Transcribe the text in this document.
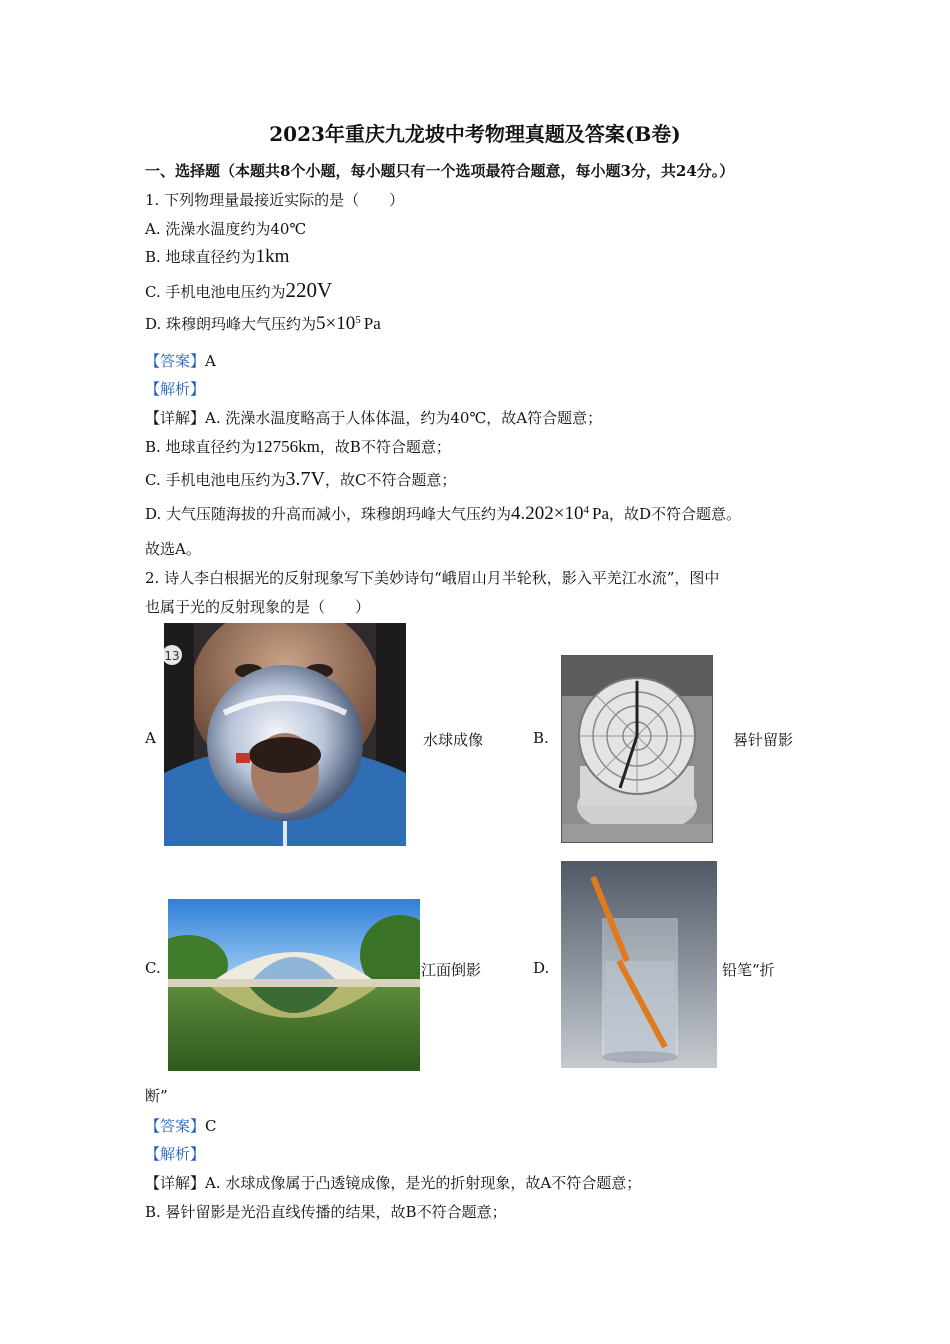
2023年重庆九龙坡中考物理真题及答案(B卷)
一、选择题（本题共8个小题，每小题只有一个选项最符合题意，每小题3分，共24分。）
1. 下列物理量最接近实际的是（　　）
A. 洗澡水温度约为40℃
B. 地球直径约为1km
C. 手机电池电压约为220V
D. 珠穆朗玛峰大气压约为$5\times 10^5$ Pa
【答案】A
【解析】
【详解】A. 洗澡水温度略高于人体体温，约为40℃，故A符合题意；
B. 地球直径约为12756km，故B不符合题意；
C. 手机电池电压约为3.7V，故C不符合题意；
D. 大气压随海拔的升高而减小，珠穆朗玛峰大气压约为$4.202\times 10^4$ Pa，故D不符合题意。
故选A。
2. 诗人李白根据光的反射现象写下美妙诗句“峨眉山月半轮秋，影入平羌江水流”，图中
也属于光的反射现象的是（　　）
A
13
水球成像	B.	晷针留影
C.	江面倒影	D.	铅笔“折
断”
【答案】C
【解析】
【详解】A. 水球成像属于凸透镜成像，是光的折射现象，故A不符合题意；
B. 晷针留影是光沿直线传播的结果，故B不符合题意；
